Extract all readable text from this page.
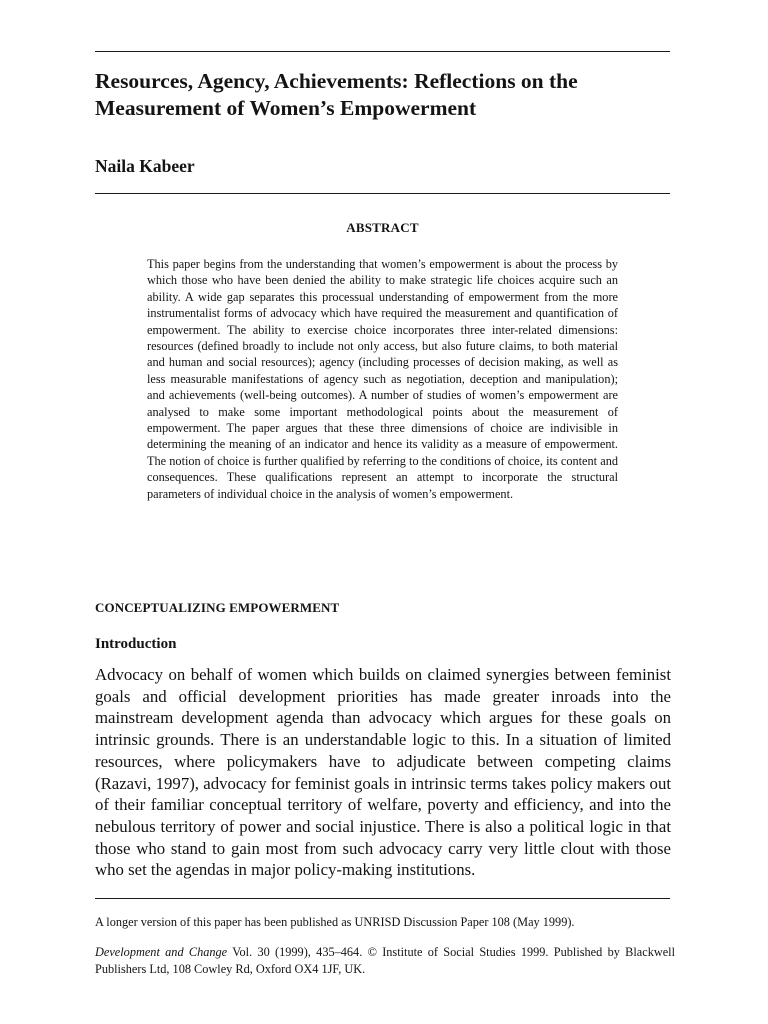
Resources, Agency, Achievements: Reflections on the Measurement of Women’s Empowerment

Naila Kabeer

ABSTRACT

This paper begins from the understanding that women’s empowerment is about the process by which those who have been denied the ability to make strategic life choices acquire such an ability. A wide gap separates this processual understanding of empowerment from the more instrumentalist forms of advocacy which have required the measurement and quantification of empowerment. The ability to exercise choice incorporates three inter-related dimensions: resources (defined broadly to include not only access, but also future claims, to both material and human and social resources); agency (including processes of decision making, as well as less measurable manifestations of agency such as negotiation, deception and manipulation); and achievements (well-being outcomes). A number of studies of women’s empowerment are analysed to make some important methodological points about the measurement of empowerment. The paper argues that these three dimensions of choice are indivisible in determining the meaning of an indicator and hence its validity as a measure of empowerment. The notion of choice is further qualified by referring to the conditions of choice, its content and consequences. These qualifications represent an attempt to incorporate the structural parameters of individual choice in the analysis of women’s empowerment.

CONCEPTUALIZING EMPOWERMENT
Introduction

Advocacy on behalf of women which builds on claimed synergies between feminist goals and official development priorities has made greater inroads into the mainstream development agenda than advocacy which argues for these goals on intrinsic grounds. There is an understandable logic to this. In a situation of limited resources, where policymakers have to adjudicate between competing claims (Razavi, 1997), advocacy for feminist goals in intrinsic terms takes policy makers out of their familiar conceptual territory of welfare, poverty and efficiency, and into the nebulous territory of power and social injustice. There is also a political logic in that those who stand to gain most from such advocacy carry very little clout with those who set the agendas in major policy-making institutions.

A longer version of this paper has been published as UNRISD Discussion Paper 108 (May 1999).

Development and Change Vol. 30 (1999), 435–464. © Institute of Social Studies 1999. Published by Blackwell Publishers Ltd, 108 Cowley Rd, Oxford OX4 1JF, UK.
